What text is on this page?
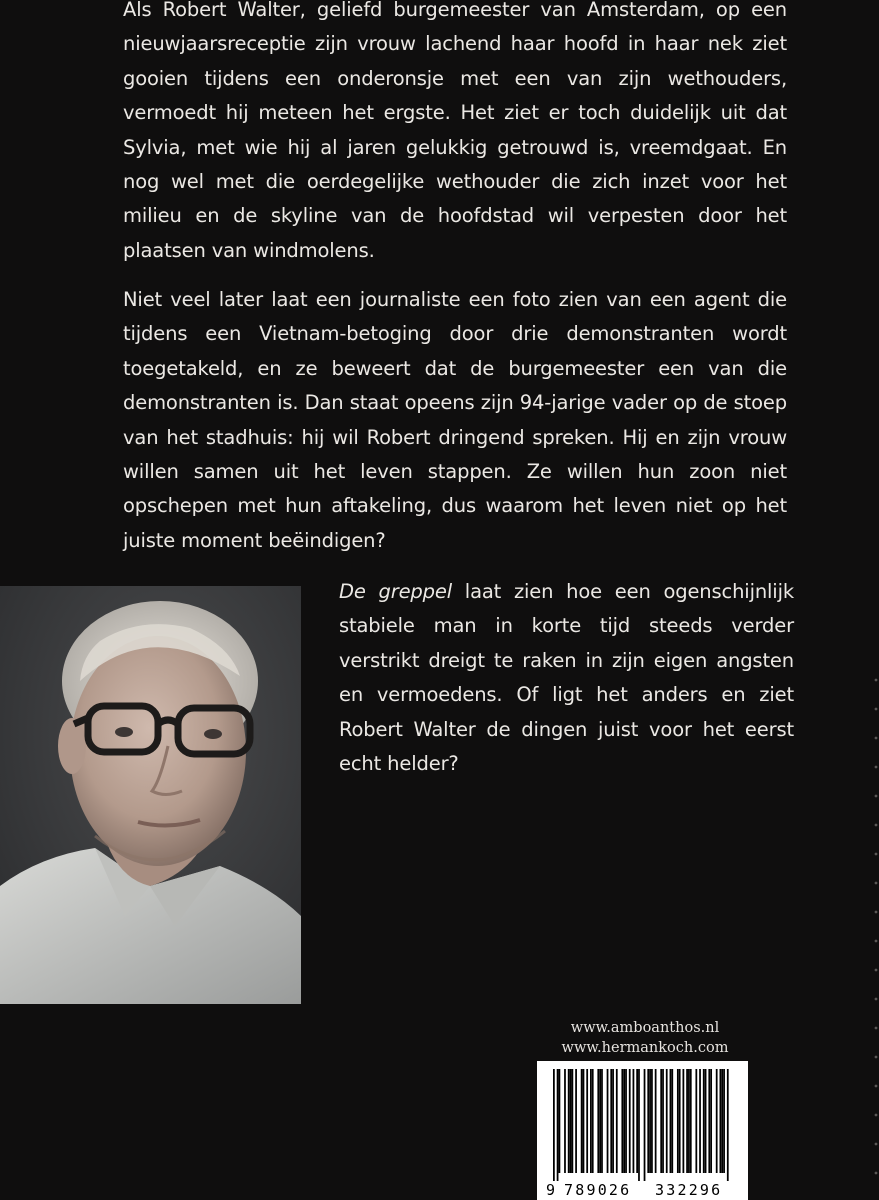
Als Robert Walter, geliefd burgemeester van Amsterdam, op een nieuwjaarsreceptie zijn vrouw lachend haar hoofd in haar nek ziet gooien tijdens een onderonsje met een van zijn wethouders, vermoedt hij meteen het ergste. Het ziet er toch duidelijk uit dat Sylvia, met wie hij al jaren gelukkig getrouwd is, vreemdgaat. En nog wel met die oerdegelijke wethouder die zich inzet voor het milieu en de skyline van de hoofdstad wil verpesten door het plaatsen van windmolens.

Niet veel later laat een journaliste een foto zien van een agent die tijdens een Vietnam-betoging door drie demonstranten wordt toegetakeld, en ze beweert dat de burgemeester een van die demonstranten is. Dan staat opeens zijn 94-jarige vader op de stoep van het stadhuis: hij wil Robert dringend spreken. Hij en zijn vrouw willen samen uit het leven stappen. Ze willen hun zoon niet opschepen met hun aftakeling, dus waarom het leven niet op het juiste moment beëindigen?

De greppel laat zien hoe een ogenschijnlijk stabiele man in korte tijd steeds verder verstrikt dreigt te raken in zijn eigen angsten en vermoedens. Of ligt het anders en ziet Robert Walter de dingen juist voor het eerst echt helder?

www.amboanthos.nl
www.hermankoch.com
9 789026 332296
